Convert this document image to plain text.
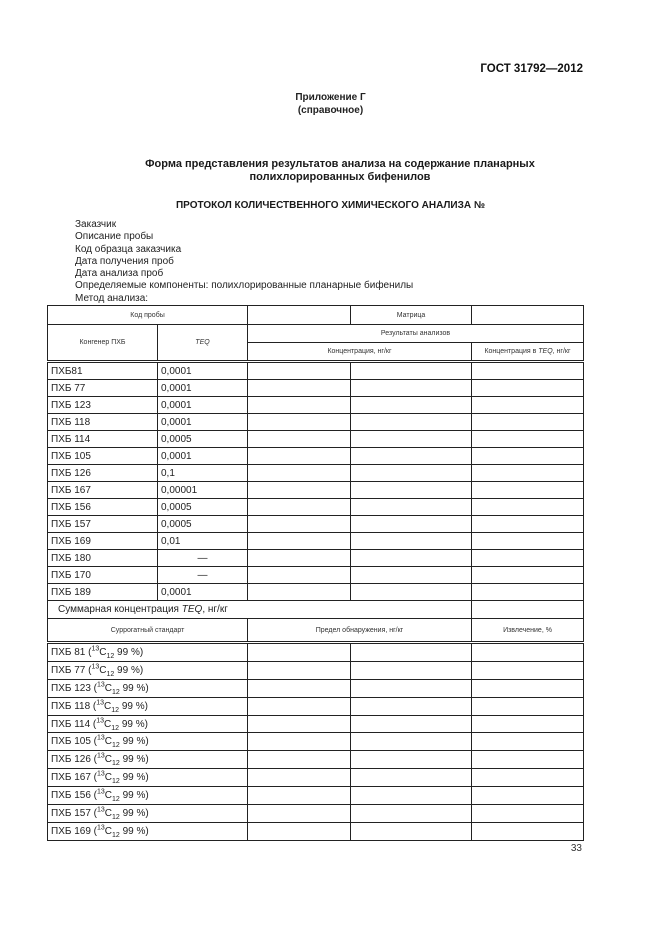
ГОСТ 31792—2012
Приложение Г
(справочное)
Форма представления результатов анализа на содержание планарных
полихлорированных бифенилов
ПРОТОКОЛ КОЛИЧЕСТВЕННОГО ХИМИЧЕСКОГО АНАЛИЗА №
Заказчик
Описание пробы
Код образца заказчика
Дата получения проб
Дата анализа проб
Определяемые компоненты: полихлорированные планарные бифенилы
Метод анализа:
Код пробы			Матрица	
Конгенер ПХБ	TEQ	Результаты анализов		
		Концентрация, нг/кг		Концентрация в TEQ, нг/кг
ПХБ81	0,0001			
ПХБ 77	0,0001			
ПХБ 123	0,0001			
ПХБ 118	0,0001			
ПХБ 114	0,0005			
ПХБ 105	0,0001			
ПХБ 126	0,1			
ПХБ 167	0,00001			
ПХБ 156	0,0005			
ПХБ 157	0,0005			
ПХБ 169	0,01			
ПХБ 180	—			
ПХБ 170	—			
ПХБ 189	0,0001			
Суммарная концентрация TEQ, нг/кг				
Суррогатный стандарт		Предел обнаружения, нг/кг		Извлечение, %
ПХБ 81 ($^{13}C_{12}$ 99 %)				
ПХБ 77 ($^{13}C_{12}$ 99 %)				
ПХБ 123 ($^{13}C_{12}$ 99 %)				
ПХБ 118 ($^{13}C_{12}$ 99 %)				
ПХБ 114 ($^{13}C_{12}$ 99 %)				
ПХБ 105 ($^{13}C_{12}$ 99 %)				
ПХБ 126 ($^{13}C_{12}$ 99 %)				
ПХБ 167 ($^{13}C_{12}$ 99 %)				
ПХБ 156 ($^{13}C_{12}$ 99 %)				
ПХБ 157 ($^{13}C_{12}$ 99 %)				
ПХБ 169 ($^{13}C_{12}$ 99 %)				
33
